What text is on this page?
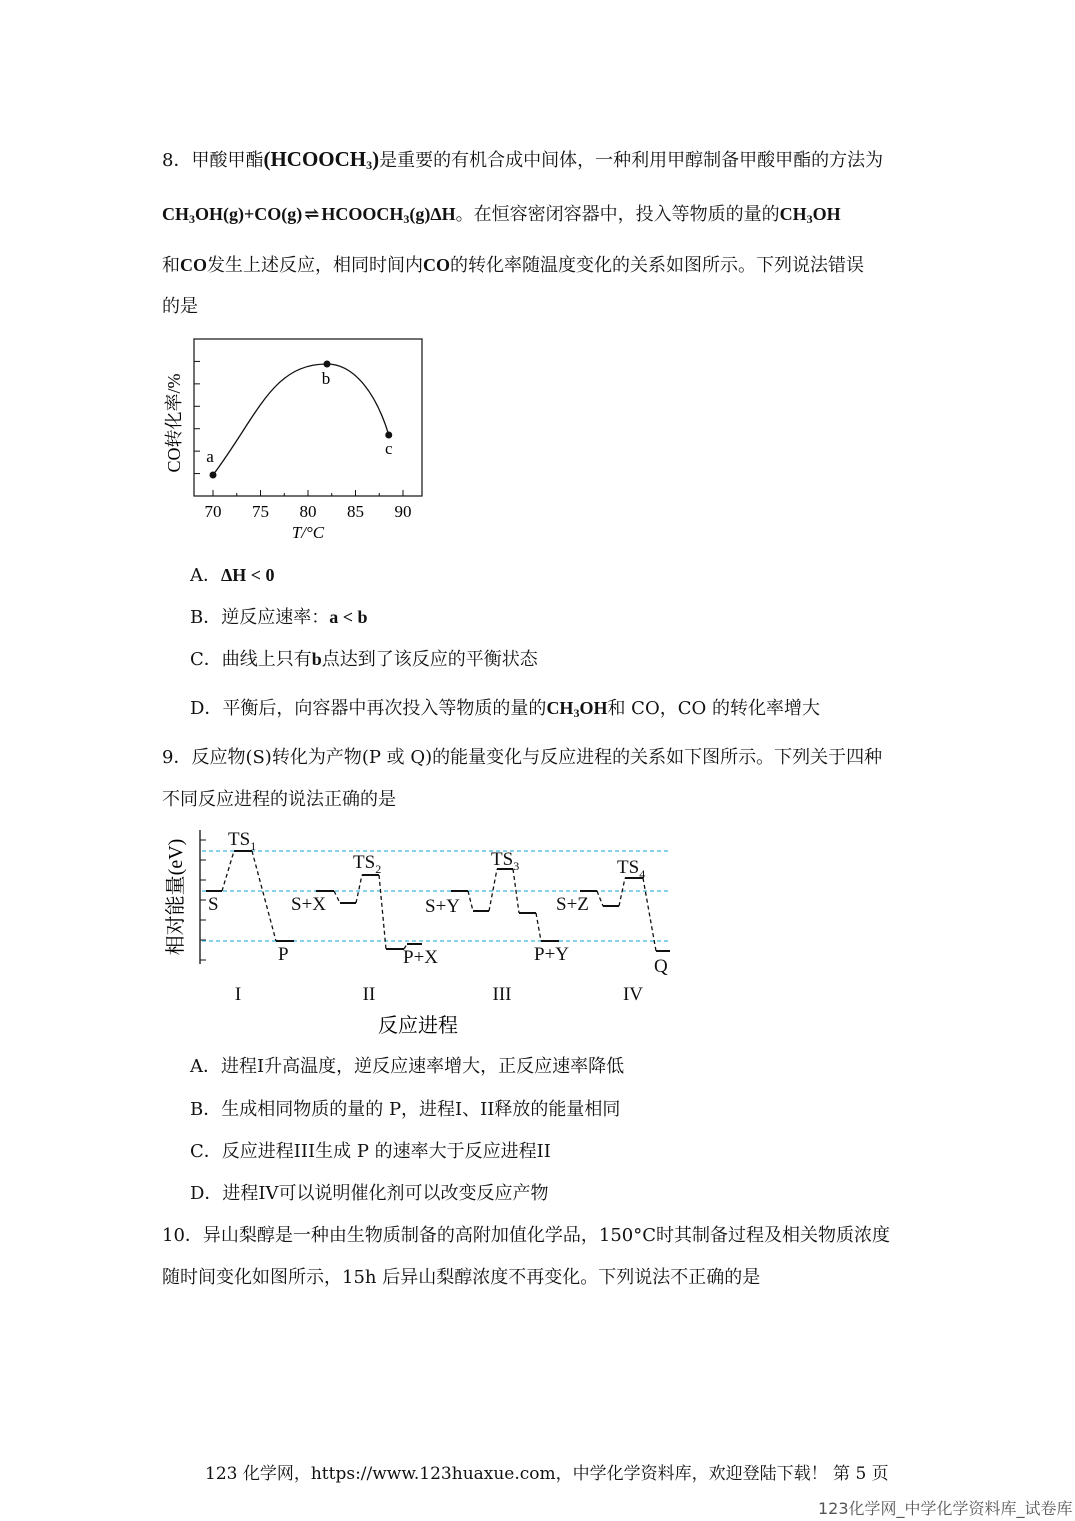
8．甲酸甲酯$(HCOOCH_3)$是重要的有机合成中间体，一种利用甲醇制备甲酸甲酯的方法为
$CH_3OH(g)+CO(g)$ ⇌ $HCOOCH_3(g)\Delta H$。在恒容密闭容器中，投入等物质的量的$CH_3OH$
和CO发生上述反应，相同时间内CO的转化率随温度变化的关系如图所示。下列说法错误
的是
70 75 80 85 90
a
b
c
CO转化率/%
T/°C
A．ΔH < 0
B．逆反应速率：a < b
C．曲线上只有b点达到了该反应的平衡状态
D．平衡后，向容器中再次投入等物质的量的$CH_3OH$和 CO，CO 的转化率增大
9．反应物(S)转化为产物(P 或 Q)的能量变化与反应进程的关系如下图所示。下列关于四种
不同反应进程的说法正确的是
相对能量(eV) S
P
S+X
P+X
S+Y
P+Y
S+Z
Q
$TS_1$
$TS_2$	$TS_3$	$TS_4$
I	II	III	IV
反应进程
A．进程I升高温度，逆反应速率增大，正反应速率降低
B．生成相同物质的量的 P，进程I、II释放的能量相同
C．反应进程III生成 P 的速率大于反应进程II
D．进程IV可以说明催化剂可以改变反应产物
10．异山梨醇是一种由生物质制备的高附加值化学品，150°C时其制备过程及相关物质浓度
随时间变化如图所示，15h 后异山梨醇浓度不再变化。下列说法不正确的是
123 化学网，https://www.123huaxue.com，中学化学资料库，欢迎登陆下载！ 第 5 页
123化学网_中学化学资料库_试卷库
